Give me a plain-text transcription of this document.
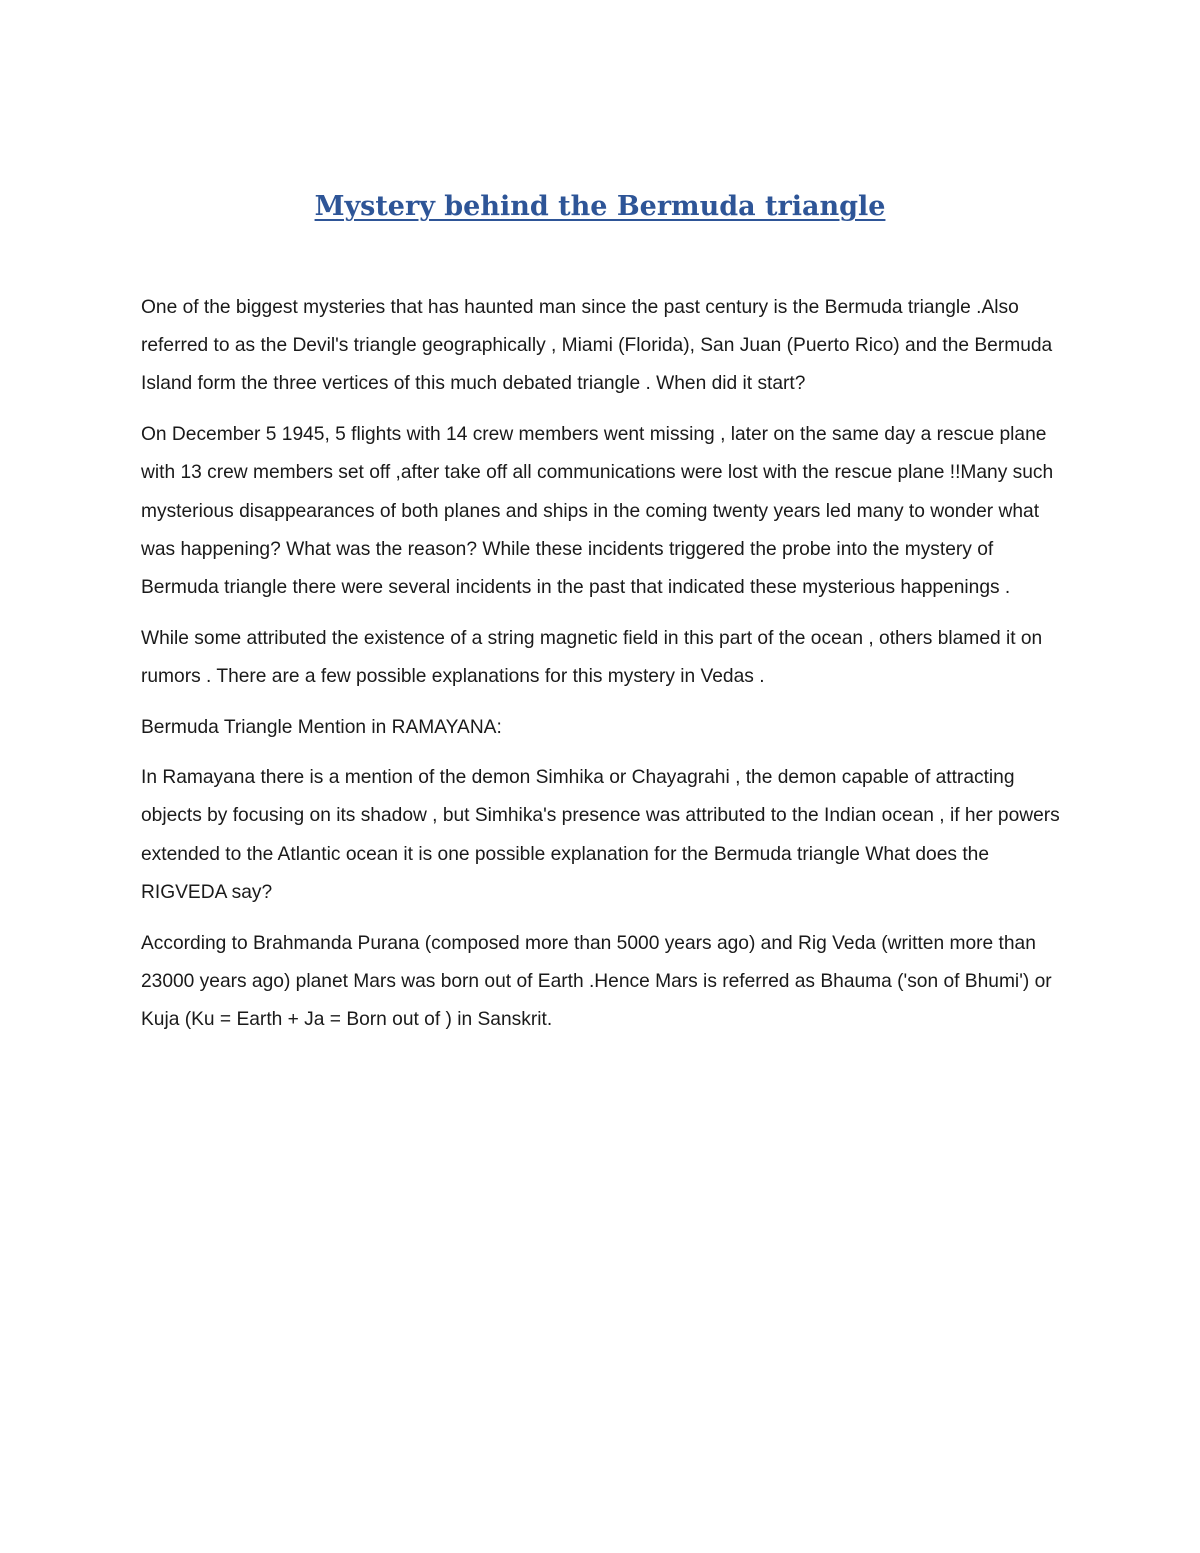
Mystery behind the Bermuda triangle

One of the biggest mysteries that has haunted man since the past century is the Bermuda triangle .Also referred to as the Devil's triangle geographically , Miami (Florida), San Juan (Puerto Rico) and the Bermuda Island form the three vertices of this much debated triangle . When did it start?

On December 5 1945, 5 flights with 14 crew members went missing , later on the same day a rescue plane with 13 crew members set off ,after take off all communications were lost with the rescue plane !!Many such mysterious disappearances of both planes and ships in the coming twenty years led many to wonder what was happening? What was the reason? While these incidents triggered the probe into the mystery of Bermuda triangle there were several incidents in the past that indicated these mysterious happenings .

While some attributed the existence of a string magnetic field in this part of the ocean , others blamed it on rumors . There are a few possible explanations for this mystery in Vedas .

Bermuda Triangle Mention in RAMAYANA:

In Ramayana there is a mention of the demon Simhika or Chayagrahi , the demon capable of attracting objects by focusing on its shadow , but Simhika's presence was attributed to the Indian ocean , if her powers extended to the Atlantic ocean it is one possible explanation for the Bermuda triangle What does the RIGVEDA say?

According to Brahmanda Purana (composed more than 5000 years ago) and Rig Veda (written more than 23000 years ago) planet Mars was born out of Earth .Hence Mars is referred as Bhauma ('son of Bhumi') or Kuja (Ku = Earth + Ja = Born out of ) in Sanskrit.
